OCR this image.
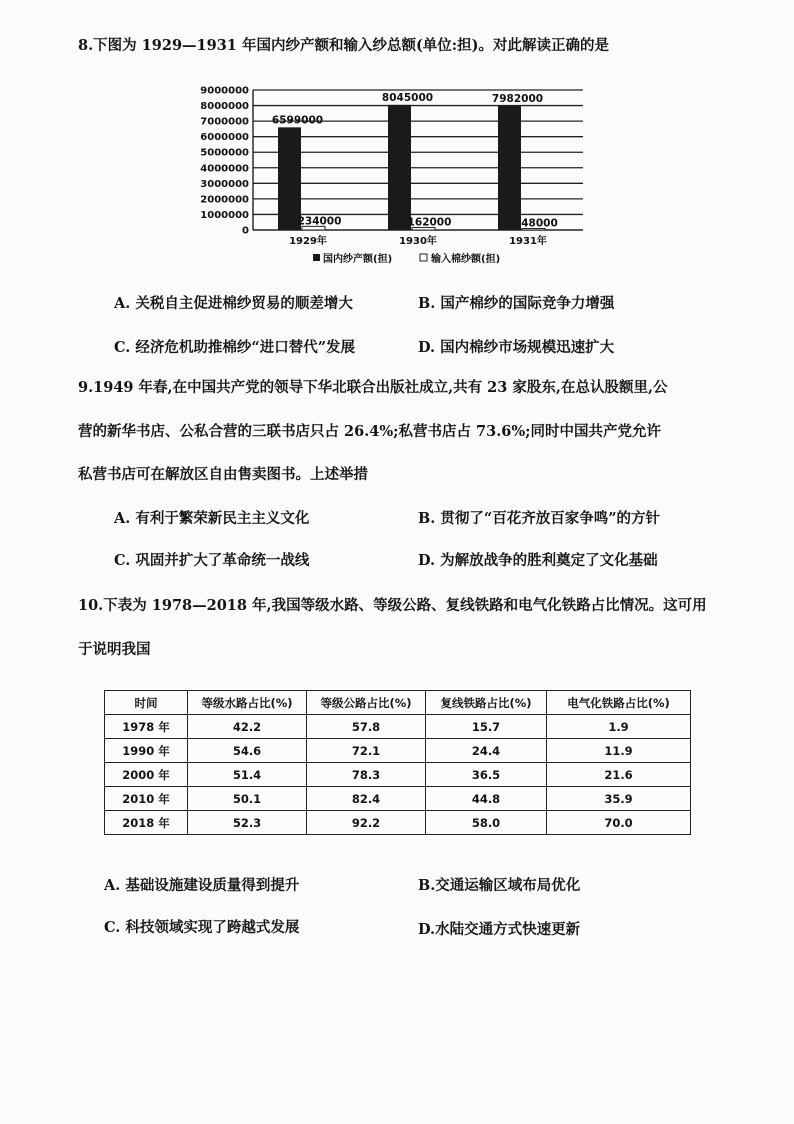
8.下图为 1929—1931 年国内纱产额和输入纱总额(单位:担)。对此解读正确的是
0
1000000
2000000
3000000
4000000
5000000
6000000
7000000
8000000
9000000
6599000
234000
1929年
8045000
162000
1930年
7982000
48000
1931年
国内纱产额(担)	输入棉纱额(担)
A. 关税自主促进棉纱贸易的顺差增大	B. 国产棉纱的国际竞争力增强
C. 经济危机助推棉纱“进口替代”发展	D. 国内棉纱市场规模迅速扩大
9.1949 年春,在中国共产党的领导下华北联合出版社成立,共有 23 家股东,在总认股额里,公
营的新华书店、公私合营的三联书店只占 26.4%;私营书店占 73.6%;同时中国共产党允许
私营书店可在解放区自由售卖图书。上述举措
A. 有利于繁荣新民主主义文化	B. 贯彻了“百花齐放百家争鸣”的方针
C. 巩固并扩大了革命统一战线	D. 为解放战争的胜利奠定了文化基础
10.下表为 1978—2018 年,我国等级水路、等级公路、复线铁路和电气化铁路占比情况。这可用
于说明我国
时间	等级水路占比(%)	等级公路占比(%)	复线铁路占比(%)	电气化铁路占比(%)
1978 年	42.2	57.8	15.7	1.9
1990 年	54.6	72.1	24.4	11.9
2000 年	51.4	78.3	36.5	21.6
2010 年	50.1	82.4	44.8	35.9
2018 年	52.3	92.2	58.0	70.0
A. 基础设施建设质量得到提升	B.交通运输区域布局优化
C. 科技领域实现了跨越式发展	D.水陆交通方式快速更新
